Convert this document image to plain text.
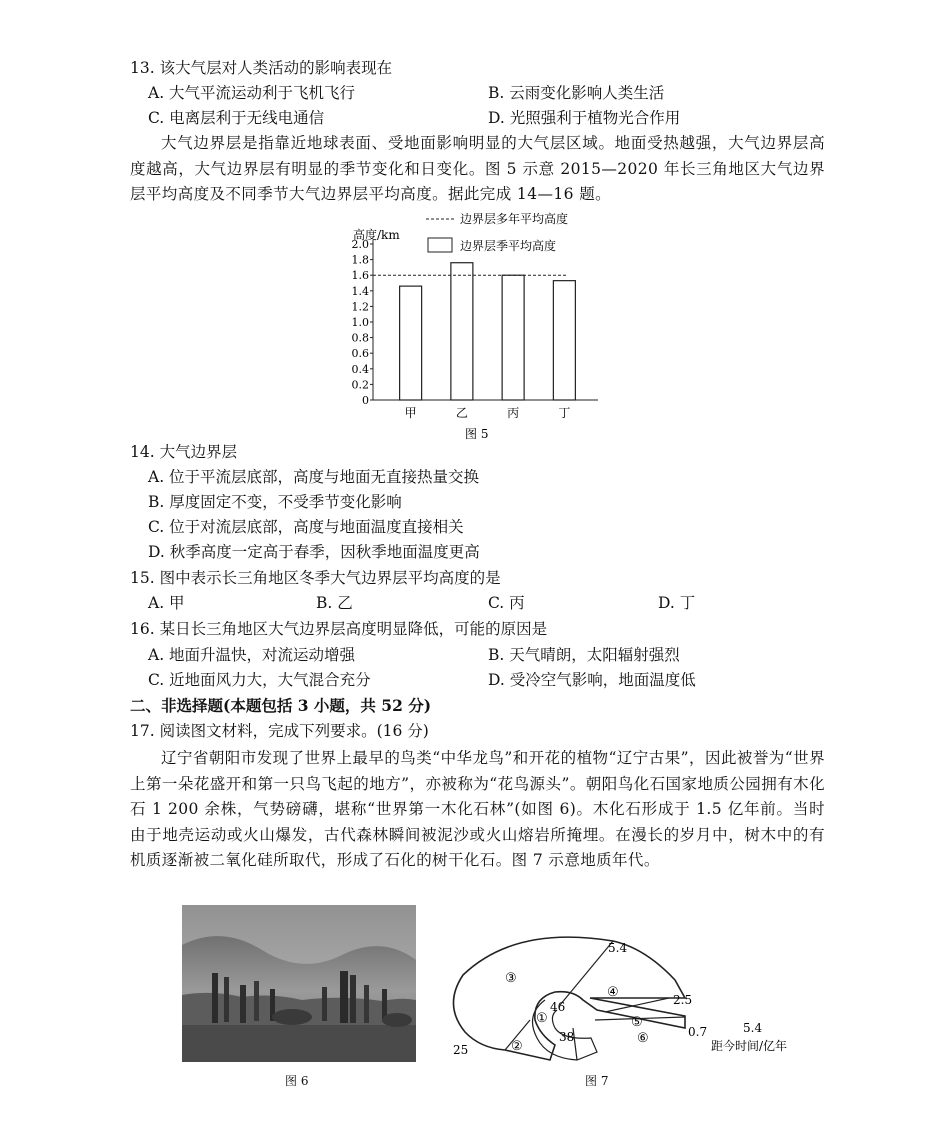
13. 该大气层对人类活动的影响表现在
A. 大气平流运动利于飞机飞行	B. 云雨变化影响人类生活
C. 电离层利于无线电通信	D. 光照强利于植物光合作用
大气边界层是指靠近地球表面、受地面影响明显的大气层区域。地面受热越强，大气边界层高度越高，大气边界层有明显的季节变化和日变化。图 5 示意 2015—2020 年长三角地区大气边界层平均高度及不同季节大气边界层平均高度。据此完成 14—16 题。
高度/km
边界层多年平均高度
边界层季平均高度
0
0.2
0.4
0.6
0.8
1.0
1.2
1.4
1.6
1.8
2.0
甲	乙	丙	丁
图 5
14. 大气边界层
A. 位于平流层底部，高度与地面无直接热量交换
B. 厚度固定不变，不受季节变化影响
C. 位于对流层底部，高度与地面温度直接相关
D. 秋季高度一定高于春季，因秋季地面温度更高
15. 图中表示长三角地区冬季大气边界层平均高度的是
A. 甲	B. 乙	C. 丙	D. 丁
16. 某日长三角地区大气边界层高度明显降低，可能的原因是
A. 地面升温快，对流运动增强	B. 天气晴朗，太阳辐射强烈
C. 近地面风力大，大气混合充分	D. 受冷空气影响，地面温度低
二、非选择题(本题包括 3 小题，共 52 分)
17. 阅读图文材料，完成下列要求。(16 分)
辽宁省朝阳市发现了世界上最早的鸟类“中华龙鸟”和开花的植物“辽宁古果”，因此被誉为“世界上第一朵花盛开和第一只鸟飞起的地方”，亦被称为“花鸟源头”。朝阳鸟化石国家地质公园拥有木化石 1 200 余株，气势磅礴，堪称“世界第一木化石林”(如图 6)。木化石形成于 1.5 亿年前。当时由于地壳运动或火山爆发，古代森林瞬间被泥沙或火山熔岩所掩埋。在漫长的岁月中，树木中的有机质逐渐被二氧化硅所取代，形成了石化的树干化石。图 7 示意地质年代。
图 6
③
④
⑤
⑥
①
②
5.4
2.5
0.7
46
38
25
5.4
距今时间/亿年
图 7
